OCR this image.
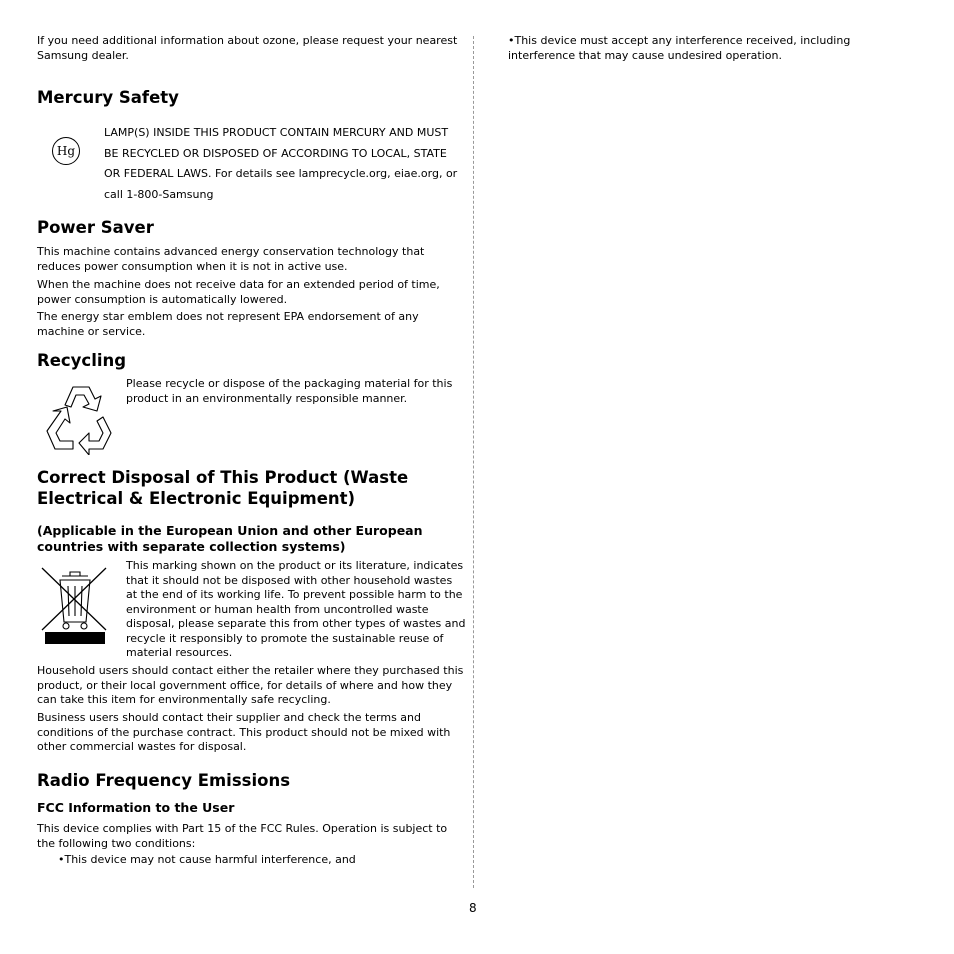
If you need additional information about ozone, please request your nearest Samsung dealer.

Mercury Safety
Hg

LAMP(S) INSIDE THIS PRODUCT CONTAIN MERCURY AND MUST

BE RECYCLED OR DISPOSED OF ACCORDING TO LOCAL, STATE

OR FEDERAL LAWS. For details see lamprecycle.org, eiae.org, or

call 1-800-Samsung

Power Saver

This machine contains advanced energy conservation technology that reduces power consumption when it is not in active use.

When the machine does not receive data for an extended period of time, power consumption is automatically lowered.

The energy star emblem does not represent EPA endorsement of any machine or service.

Recycling

Please recycle or dispose of the packaging material for this product in an environmentally responsible manner.

Correct Disposal of This Product (Waste Electrical & Electronic Equipment)
(Applicable in the European Union and other European countries with separate collection systems)

This marking shown on the product or its literature, indicates that it should not be disposed with other household wastes at the end of its working life. To prevent possible harm to the environment or human health from uncontrolled waste disposal, please separate this from other types of wastes and recycle it responsibly to promote the sustainable reuse of material resources.

Household users should contact either the retailer where they purchased this product, or their local government office, for details of where and how they can take this item for environmentally safe recycling.

Business users should contact their supplier and check the terms and conditions of the purchase contract. This product should not be mixed with other commercial wastes for disposal.

Radio Frequency Emissions
FCC Information to the User

This device complies with Part 15 of the FCC Rules. Operation is subject to the following two conditions:

•This device may not cause harmful interference, and

•This device must accept any interference received, including interference that may cause undesired operation.

8
